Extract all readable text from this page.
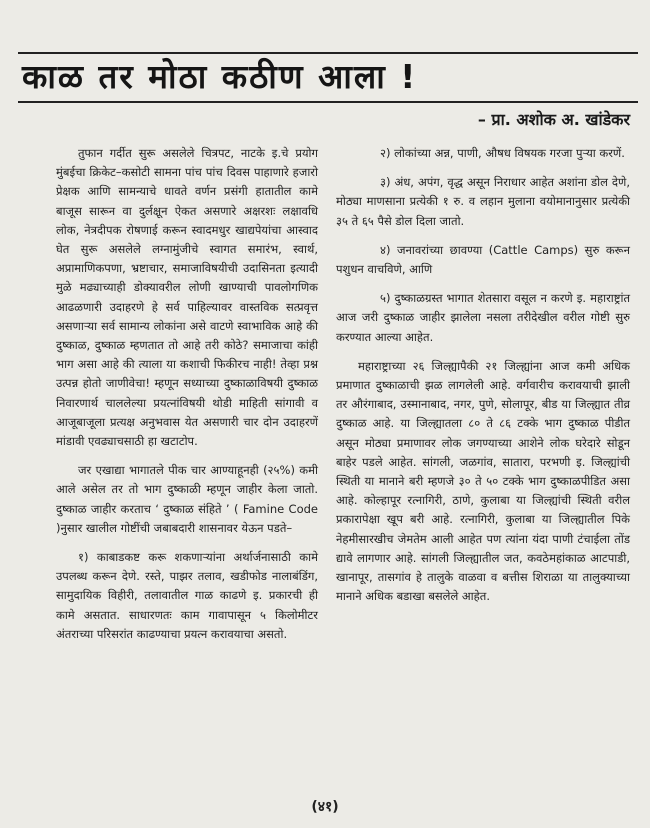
काळ तर मोठा कठीण आला !
– प्रा. अशोक अ. खांडेकर

तुफान गर्दीत सुरू असलेले चित्रपट, नाटके इ.चे प्रयोग मुंबईचा क्रिकेट–कसोटी सामना पांच पांच दिवस पाहाणारे हजारो प्रेक्षक आणि सामन्याचे धावते वर्णन प्रसंगी हातातील कामे बाजूस सारून वा दुर्लक्षून ऐकत असणारे अक्षरशः लक्षावधि लोक, नेत्रदीपक रोषणाई करून स्वादमधुर खाद्यपेयांचा आस्वाद घेत सुरू असलेले लग्नामुंजीचे स्वागत समारंभ, स्वार्थ, अप्रामाणिकपणा, भ्रष्टाचार, समाजाविषयीची उदासिनता इत्यादी मुळे मढ्याच्याही डोक्यावरील लोणी खाण्याची पावलोगणिक आढळणारी उदाहरणे हे सर्व पाहिल्यावर वास्तविक सत्प्रवृत्त असणाऱ्या सर्व सामान्य लोकांना असे वाटणे स्वाभाविक आहे की दुष्काळ, दुष्काळ म्हणतात तो आहे तरी कोठे? समाजाचा कांही भाग असा आहे की त्याला या कशाची फिकीरच नाही! तेव्हा प्रश्न उत्पन्न होतो जाणीवेचा! म्हणून सध्याच्या दुष्काळाविषयी दुष्काळ निवारणार्थ चाललेल्या प्रयत्नांविषयी थोडी माहिती सांगावी व आजूबाजूला प्रत्यक्ष अनुभवास येत असणारी चार दोन उदाहरणें मांडावी एवढ्याचसाठी हा खटाटोप.

जर एखाद्या भागातले पीक चार आण्याहूनही (२५%) कमी आले असेल तर तो भाग दुष्काळी म्हणून जाहीर केला जातो. दुष्काळ जाहीर करताच ‘ दुष्काळ संहिते ’ ( Famine Code )नुसार खालील गोष्टींची जबाबदारी शासनावर येऊन पडते–

१) काबाडकष्ट करू शकणाऱ्यांना अर्थार्जनासाठी कामे उपलब्ध करून देणे. रस्ते, पाझर तलाव, खडीफोड नालाबंडिंग, सामुदायिक विहीरी, तलावातील गाळ काढणे इ. प्रकारची ही कामे असतात. साधारणतः काम गावापासून ५ किलोमीटर अंतराच्या परिसरांत काढण्याचा प्रयत्न करावयाचा असतो.

२) लोकांच्या अन्न, पाणी, औषध विषयक गरजा पुऱ्या करणें.

३) अंध, अपंग, वृद्ध असून निराधार आहेत अशांना डोल देणे, मोठ्या माणसाना प्रत्येकी १ रु. व लहान मुलाना वयोमानानुसार प्रत्येकी ३५ ते ६५ पैसे डोल दिला जातो.

४) जनावरांच्या छावण्या (Cattle Camps) सुरु करून पशुधन वाचविणे, आणि

५) दुष्काळग्रस्त भागात शेतसारा वसूल न करणे इ. महाराष्ट्रांत आज जरी दुष्काळ जाहीर झालेला नसला तरीदेखील वरील गोष्टी सुरु करण्यात आल्या आहेत.

महाराष्ट्राच्या २६ जिल्ह्यापैकी २१ जिल्ह्यांना आज कमी अधिक प्रमाणात दुष्काळाची झळ लागलेली आहे. वर्गवारीच करावयाची झाली तर औरंगाबाद, उस्मानाबाद, नगर, पुणे, सोलापूर, बीड या जिल्ह्यात तीव्र दुष्काळ आहे. या जिल्ह्यातला ८० ते ८६ टक्के भाग दुष्काळ पीडीत असून मोठ्या प्रमाणावर लोक जगण्याच्या आशेने लोक घरेदारे सोडून बाहेर पडले आहेत. सांगली, जळगांव, सातारा, परभणी इ. जिल्ह्यांची स्थिती या मानाने बरी म्हणजे ३० ते ५० टक्के भाग दुष्काळपीडित असा आहे. कोल्हापूर रत्नागिरी, ठाणे, कुलाबा या जिल्ह्यांची स्थिती वरील प्रकारापेक्षा खूप बरी आहे. रत्नागिरी, कुलाबा या जिल्ह्यातील पिके नेहमीसारखीच जेमतेम आली आहेत पण त्यांना यंदा पाणी टंचाईला तोंड द्यावे लागणार आहे. सांगली जिल्ह्यातील जत, कवठेमहांकाळ आटपाडी, खानापूर, तासगांव हे तालुके वाळवा व बत्तीस शिराळा या तालुक्याच्या मानाने अधिक बडाखा बसलेले आहेत.

(४१)
